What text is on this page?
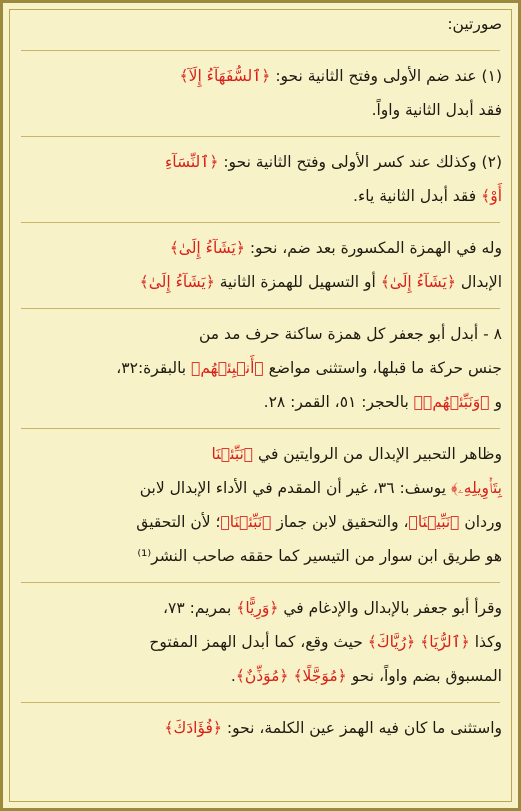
صورتين:

(١) عند ضم الأولى وفتح الثانية نحو: ﴿ٱلسُّفَهَآءُ إِلَآ﴾
فقد أبدل الثانية واواً.
(٢) وكذلك عند كسر الأولى وفتح الثانية نحو: ﴿ٱلنِّسَآءِ
أَوْ﴾ فقد أبدل الثانية ياء.
وله في الهمزة المكسورة بعد ضم، نحو: ﴿يَشَآءُ إِلَىٰ﴾
الإبدال ﴿يَشَآءُ إِلَىٰ﴾ أو التسهيل للهمزة الثانية ﴿يَشَآءُ إِلَىٰ﴾
٨ - أبدل أبو جعفر كل همزة ساكنة حرف مد من
جنس حركة ما قبلها، واستثنى مواضع ﴿أَنۢبِئۡهُم﴾ بالبقرة:٣٢،
و ﴿وَنَبِّئۡهُمۡ﴾ بالحجر: ٥١، القمر: ٢٨.
وظاهر التحبير الإبدال من الروايتين في ﴿نَبِّئۡنَا
بِتَأۡوِيلِهِۦ﴾ يوسف: ٣٦، غير أن المقدم في الأداء الإبدال لابن
وردان ﴿نَبِّيۡنَا﴾، والتحقيق لابن جماز ﴿نَبِّئۡنَا﴾؛ لأن التحقيق
هو طريق ابن سوار من التيسير كما حققه صاحب النشر⁽¹⁾
وقرأ أبو جعفر بالإبدال والإدغام في ﴿وَرِيًّا﴾ بمريم: ٧٣،
وكذا ﴿ٱلرُّيَا﴾ ﴿رُيَّاكَ﴾ حيث وقع، كما أبدل الهمز المفتوح
المسبوق بضم واواً، نحو ﴿مُوَجَّلًا﴾ ﴿مُوَذِّنٌ﴾.
واستثنى ما كان فيه الهمز عين الكلمة، نحو: ﴿فُؤَادَكَ﴾
